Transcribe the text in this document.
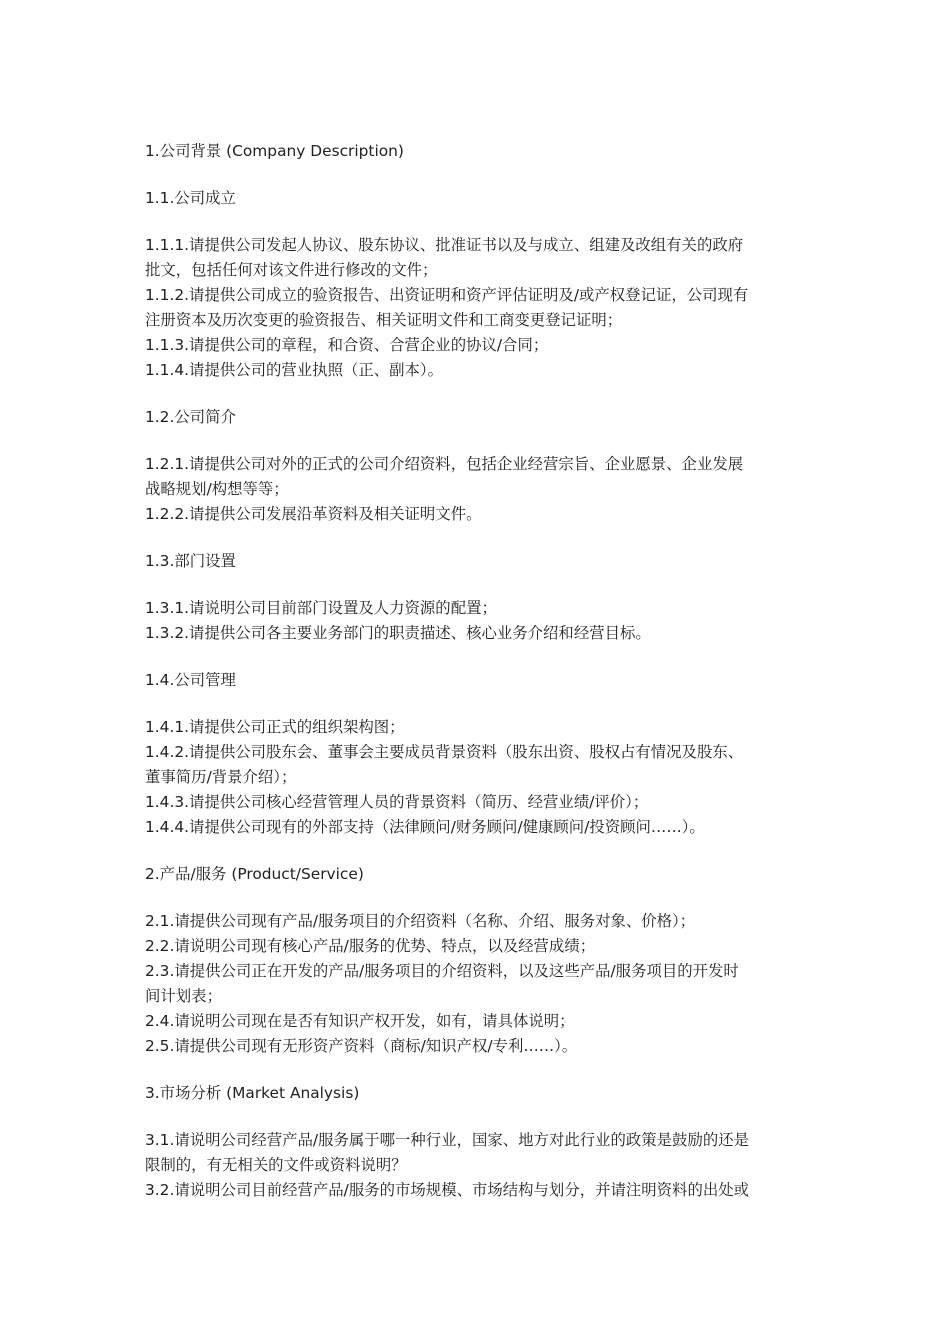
1.公司背景 (Company Description)
1.1.公司成立
1.1.1.请提供公司发起人协议、股东协议、批准证书以及与成立、组建及改组有关的政府
批文，包括任何对该文件进行修改的文件；
1.1.2.请提供公司成立的验资报告、出资证明和资产评估证明及/或产权登记证，公司现有
注册资本及历次变更的验资报告、相关证明文件和工商变更登记证明；
1.1.3.请提供公司的章程，和合资、合营企业的协议/合同；
1.1.4.请提供公司的营业执照（正、副本）。
1.2.公司简介
1.2.1.请提供公司对外的正式的公司介绍资料，包括企业经营宗旨、企业愿景、企业发展
战略规划/构想等等；
1.2.2.请提供公司发展沿革资料及相关证明文件。
1.3.部门设置
1.3.1.请说明公司目前部门设置及人力资源的配置；
1.3.2.请提供公司各主要业务部门的职责描述、核心业务介绍和经营目标。
1.4.公司管理
1.4.1.请提供公司正式的组织架构图；
1.4.2.请提供公司股东会、董事会主要成员背景资料（股东出资、股权占有情况及股东、
董事简历/背景介绍）；
1.4.3.请提供公司核心经营管理人员的背景资料（简历、经营业绩/评价）；
1.4.4.请提供公司现有的外部支持（法律顾问/财务顾问/健康顾问/投资顾问……）。
2.产品/服务 (Product/Service)
2.1.请提供公司现有产品/服务项目的介绍资料（名称、介绍、服务对象、价格）；
2.2.请说明公司现有核心产品/服务的优势、特点，以及经营成绩；
2.3.请提供公司正在开发的产品/服务项目的介绍资料，以及这些产品/服务项目的开发时
间计划表；
2.4.请说明公司现在是否有知识产权开发，如有，请具体说明；
2.5.请提供公司现有无形资产资料（商标/知识产权/专利……）。
3.市场分析 (Market Analysis)
3.1.请说明公司经营产品/服务属于哪一种行业，国家、地方对此行业的政策是鼓励的还是
限制的，有无相关的文件或资料说明？
3.2.请说明公司目前经营产品/服务的市场规模、市场结构与划分，并请注明资料的出处或
